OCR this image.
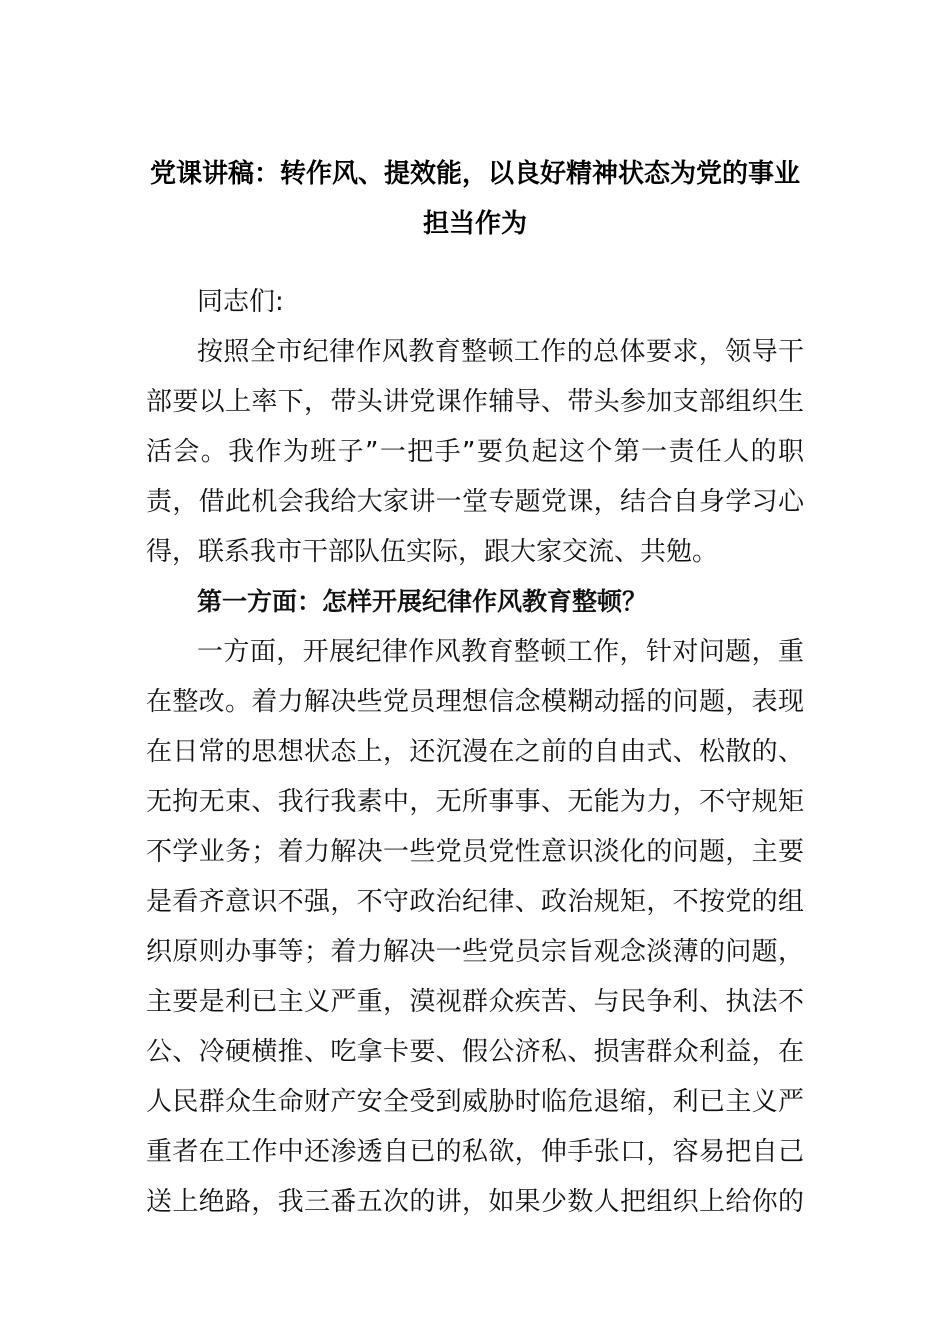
党课讲稿：转作风、提效能，以良好精神状态为党的事业
担当作为
同志们:
按照全市纪律作风教育整顿工作的总体要求，领导干
部要以上率下，带头讲党课作辅导、带头参加支部组织生
活会。我作为班子”一把手”要负起这个第一责任人的职
责，借此机会我给大家讲一堂专题党课，结合自身学习心
得，联系我市干部队伍实际，跟大家交流、共勉。
第一方面：怎样开展纪律作风教育整顿？
一方面，开展纪律作风教育整顿工作，针对问题，重
在整改。着力解决些党员理想信念模糊动摇的问题，表现
在日常的思想状态上，还沉漫在之前的自由式、松散的、
无拘无束、我行我素中，无所事事、无能为力，不守规矩
不学业务；着力解决一些党员党性意识淡化的问题，主要
是看齐意识不强，不守政治纪律、政治规矩，不按党的组
织原则办事等；着力解决一些党员宗旨观念淡薄的问题，
主要是利已主义严重，漠视群众疾苦、与民争利、执法不
公、冷硬横推、吃拿卡要、假公济私、损害群众利益，在
人民群众生命财产安全受到威胁时临危退缩，利已主义严
重者在工作中还渗透自已的私欲，伸手张口，容易把自己
送上绝路，我三番五次的讲，如果少数人把组织上给你的
